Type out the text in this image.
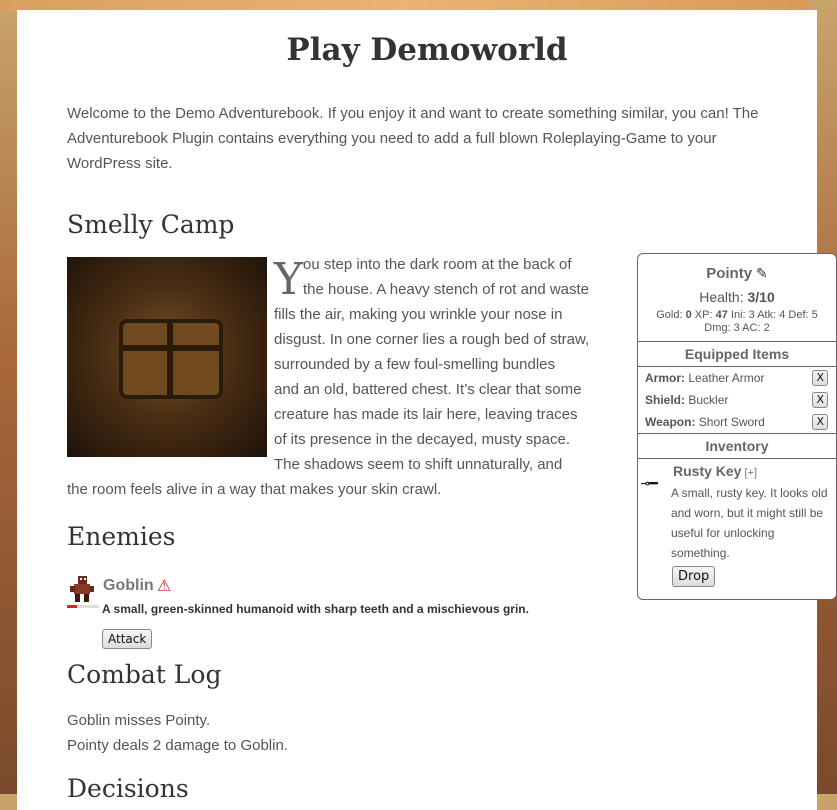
Play Demoworld
Welcome to the Demo Adventurebook. If you enjoy it and want to create something similar, you can! The
Adventurebook Plugin contains everything you need to add a full blown Roleplaying-Game to your
WordPress site.
Smelly Camp
Y ou step into the dark room at the back of
the house. A heavy stench of rot and waste
fills the air, making you wrinkle your nose in
disgust. In one corner lies a rough bed of straw,
surrounded by a few foul-smelling bundles
and an old, battered chest. It’s clear that some
creature has made its lair here, leaving traces
of its presence in the decayed, musty space.
The shadows seem to shift unnaturally, and
the room feels alive in a way that makes your skin crawl.
Enemies
Goblin ⚠
A small, green-skinned humanoid with sharp teeth and a mischievous grin.
Attack
Combat Log
Goblin misses Pointy.
Pointy deals 2 damage to Goblin.
Decisions
Pointy ✎
Health: 3/10
Gold: 0 XP: 47 Ini: 3 Atk: 4 Def: 5
Dmg: 3 AC: 2
Equipped Items
Armor: Leather Armor	X
Shield: Buckler	X
Weapon: Short Sword	X
Inventory
⊸━
Rusty Key [+]
A small, rusty key. It looks old and worn, but it might still be useful for unlocking something.
Drop
